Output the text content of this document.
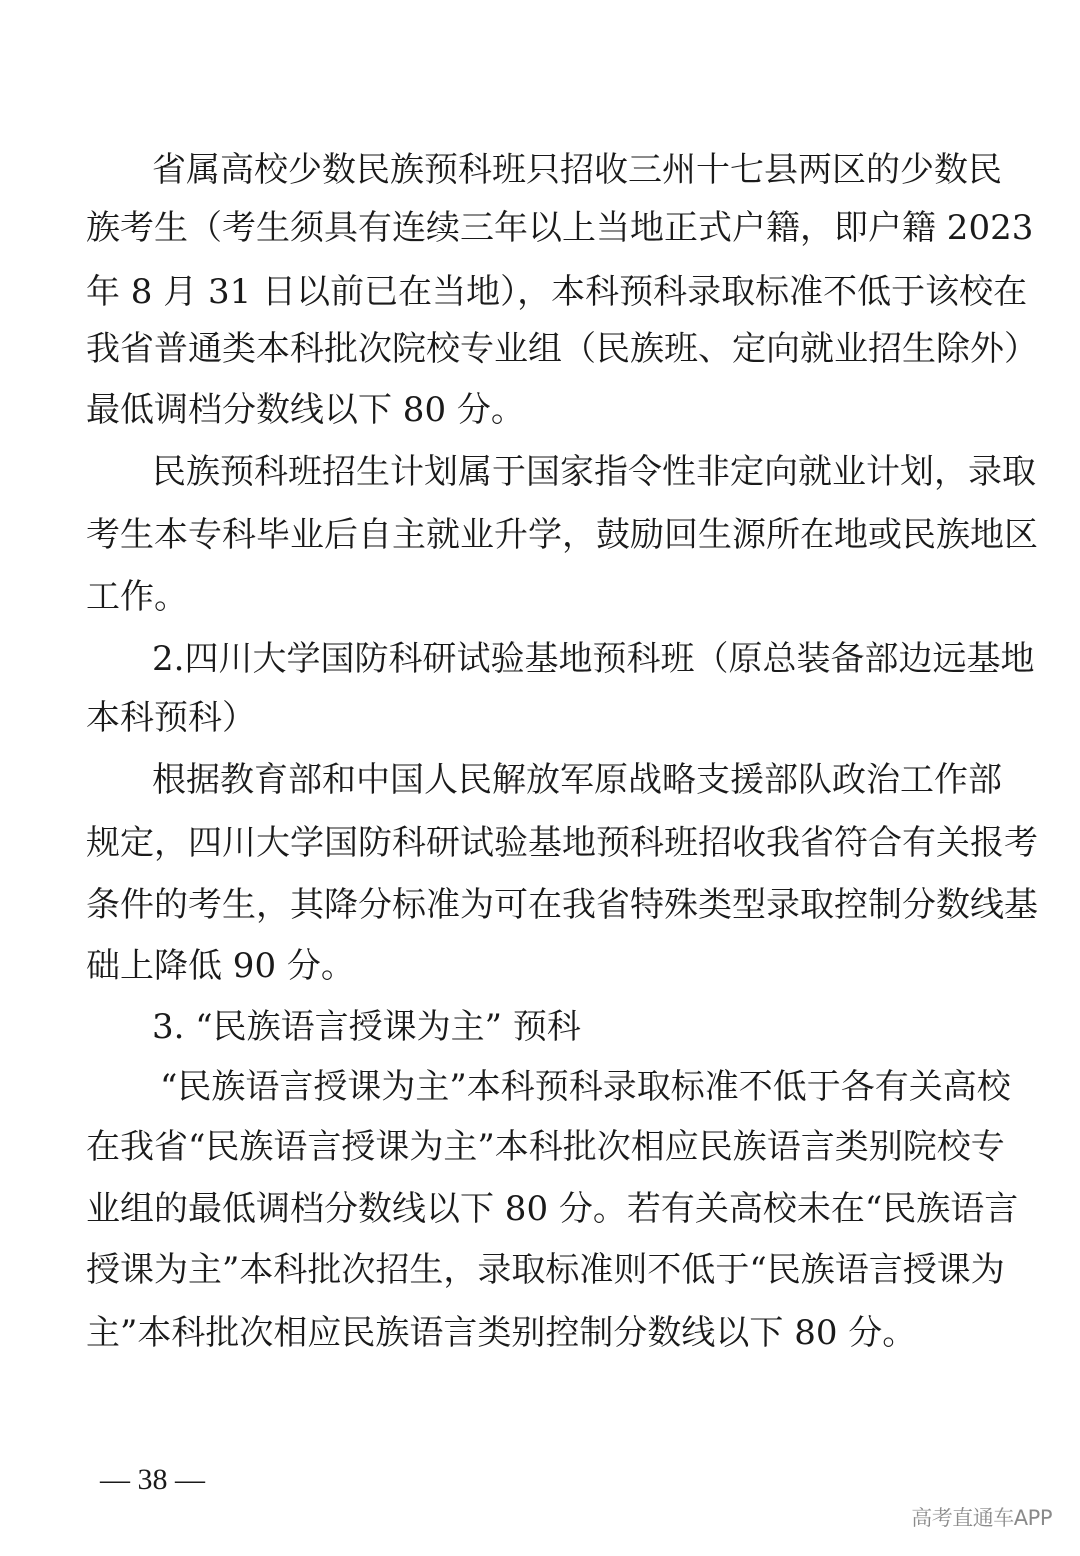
省属高校少数民族预科班只招收三州十七县两区的少数民
族考生（考生须具有连续三年以上当地正式户籍，即户籍 2023
年 8 月 31 日以前已在当地），本科预科录取标准不低于该校在
我省普通类本科批次院校专业组（民族班、定向就业招生除外）
最低调档分数线以下 80 分。
民族预科班招生计划属于国家指令性非定向就业计划，录取
考生本专科毕业后自主就业升学，鼓励回生源所在地或民族地区
工作。
2.四川大学国防科研试验基地预科班（原总装备部边远基地
本科预科）
根据教育部和中国人民解放军原战略支援部队政治工作部
规定，四川大学国防科研试验基地预科班招收我省符合有关报考
条件的考生，其降分标准为可在我省特殊类型录取控制分数线基
础上降低 90 分。
3. “民族语言授课为主” 预科
“民族语言授课为主”本科预科录取标准不低于各有关高校
在我省“民族语言授课为主”本科批次相应民族语言类别院校专
业组的最低调档分数线以下 80 分。若有关高校未在“民族语言
授课为主”本科批次招生，录取标准则不低于“民族语言授课为
主”本科批次相应民族语言类别控制分数线以下 80 分。
— 38 —
高考直通车APP
